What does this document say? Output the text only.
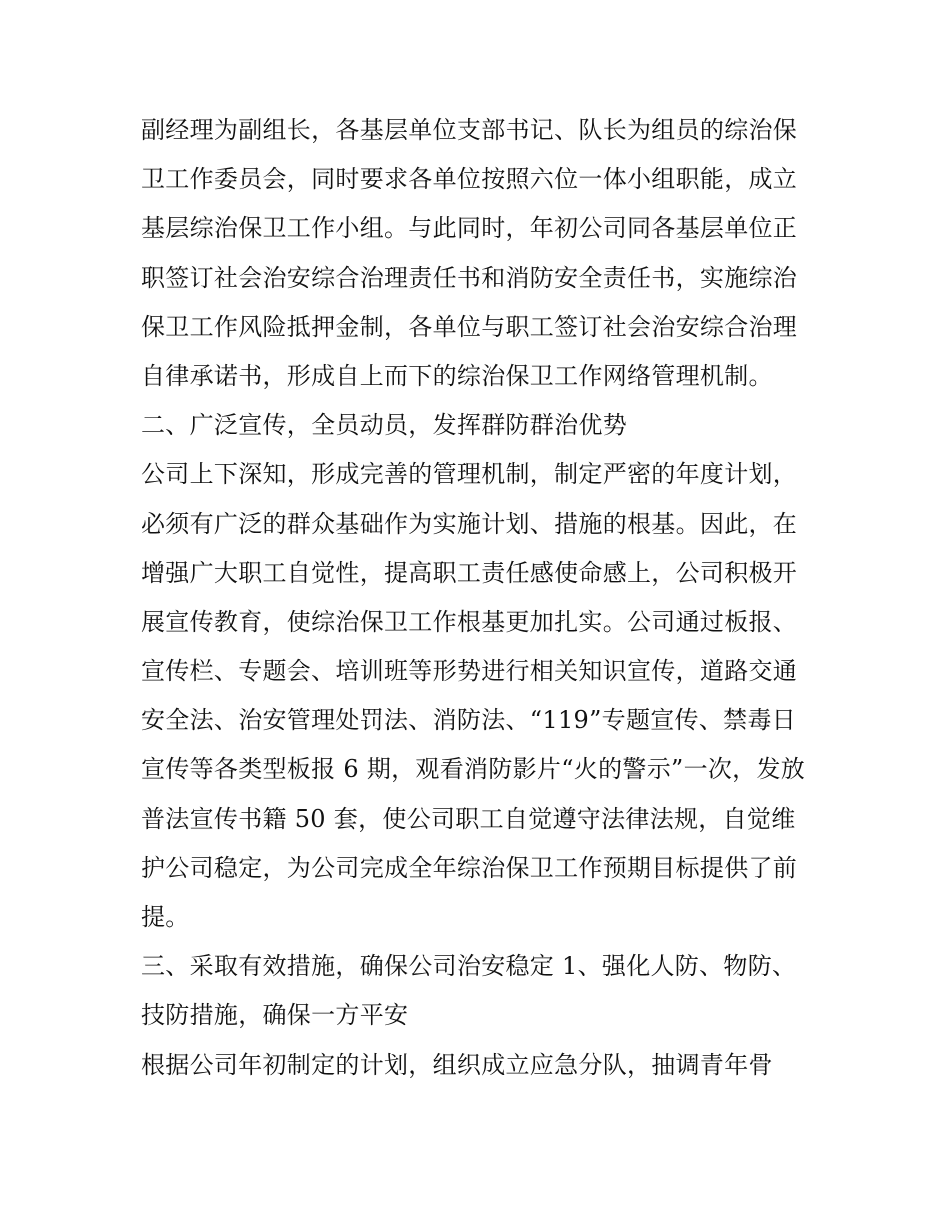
副经理为副组长，各基层单位支部书记、队长为组员的综治保
卫工作委员会，同时要求各单位按照六位一体小组职能，成立
基层综治保卫工作小组。与此同时，年初公司同各基层单位正
职签订社会治安综合治理责任书和消防安全责任书，实施综治
保卫工作风险抵押金制，各单位与职工签订社会治安综合治理
自律承诺书，形成自上而下的综治保卫工作网络管理机制。
二、广泛宣传，全员动员，发挥群防群治优势
公司上下深知，形成完善的管理机制，制定严密的年度计划，
必须有广泛的群众基础作为实施计划、措施的根基。因此，在
增强广大职工自觉性，提高职工责任感使命感上，公司积极开
展宣传教育，使综治保卫工作根基更加扎实。公司通过板报、
宣传栏、专题会、培训班等形势进行相关知识宣传，道路交通
安全法、治安管理处罚法、消防法、“119”专题宣传、禁毒日
宣传等各类型板报 6 期，观看消防影片“火的警示”一次，发放
普法宣传书籍 50 套，使公司职工自觉遵守法律法规，自觉维
护公司稳定，为公司完成全年综治保卫工作预期目标提供了前
提。
三、采取有效措施，确保公司治安稳定 1、强化人防、物防、
技防措施，确保一方平安
根据公司年初制定的计划，组织成立应急分队，抽调青年骨
